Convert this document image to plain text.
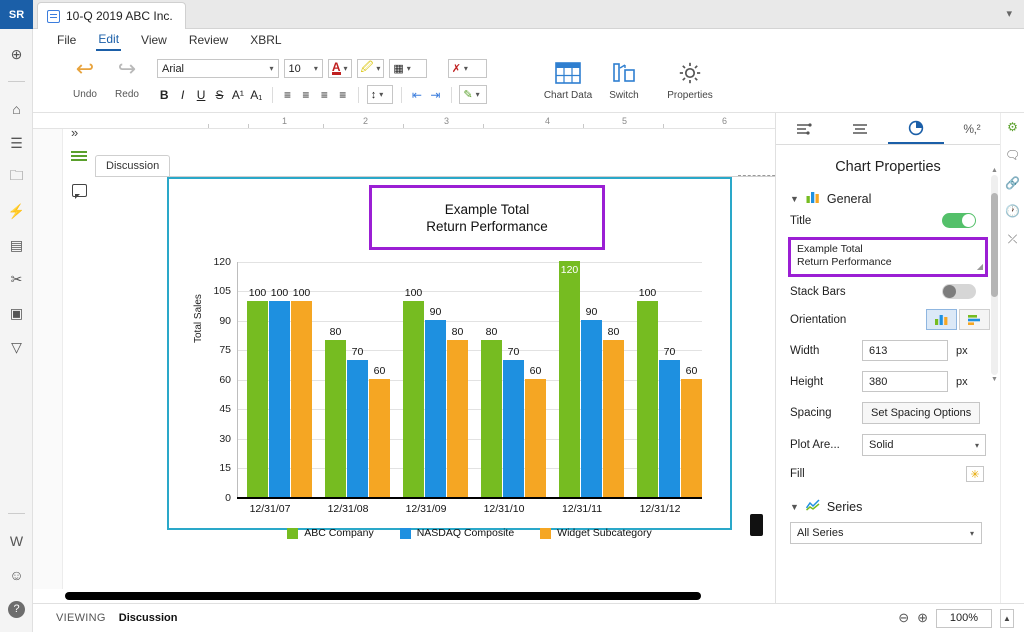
SR
⊕
⌂
☰
🗀
⚡
▤
✂
▣
▽
W
☺
?
10-Q 2019 ABC Inc.	▾
File Edit View Review XBRL
↩
Undo
↪
Redo
Arial	▾ 10 ▾ A ▾ 🖉 ▾ ▦ ▾	✗ ▾
B	I	U S A¹ A₁	≡ ≡ ≡ ≡	↕ ▾ ⇤ ⇥ ✎ ▾	Chart Data	Switch	Properties
1	2	3	4	5	6
»
Discussion
Example Total
Return Performance
Total Sales
120
105
90
75
60
45
30
15
0
100 100 100
80
70
60
100
90
80 80
70
60
120
90
80
100
70
60
12/31/07	12/31/08	12/31/09	12/31/10	12/31/11	12/31/12
ABC Company	NASDAQ Composite	Widget Subcategory
%‚²
Chart Properties
▼ General
Title
Example Total
Return Performance	◢
Stack Bars
Orientation
Width	613	px
Height	380	px
Spacing	Set Spacing Options
Plot Are...	Solid	▾
Fill	✳
▼ Series
All Series	▾
▲
▼
⚙
🗨
🔗
🕐
⤫
VIEWING Discussion	⊖ ⊕	100%	▲
